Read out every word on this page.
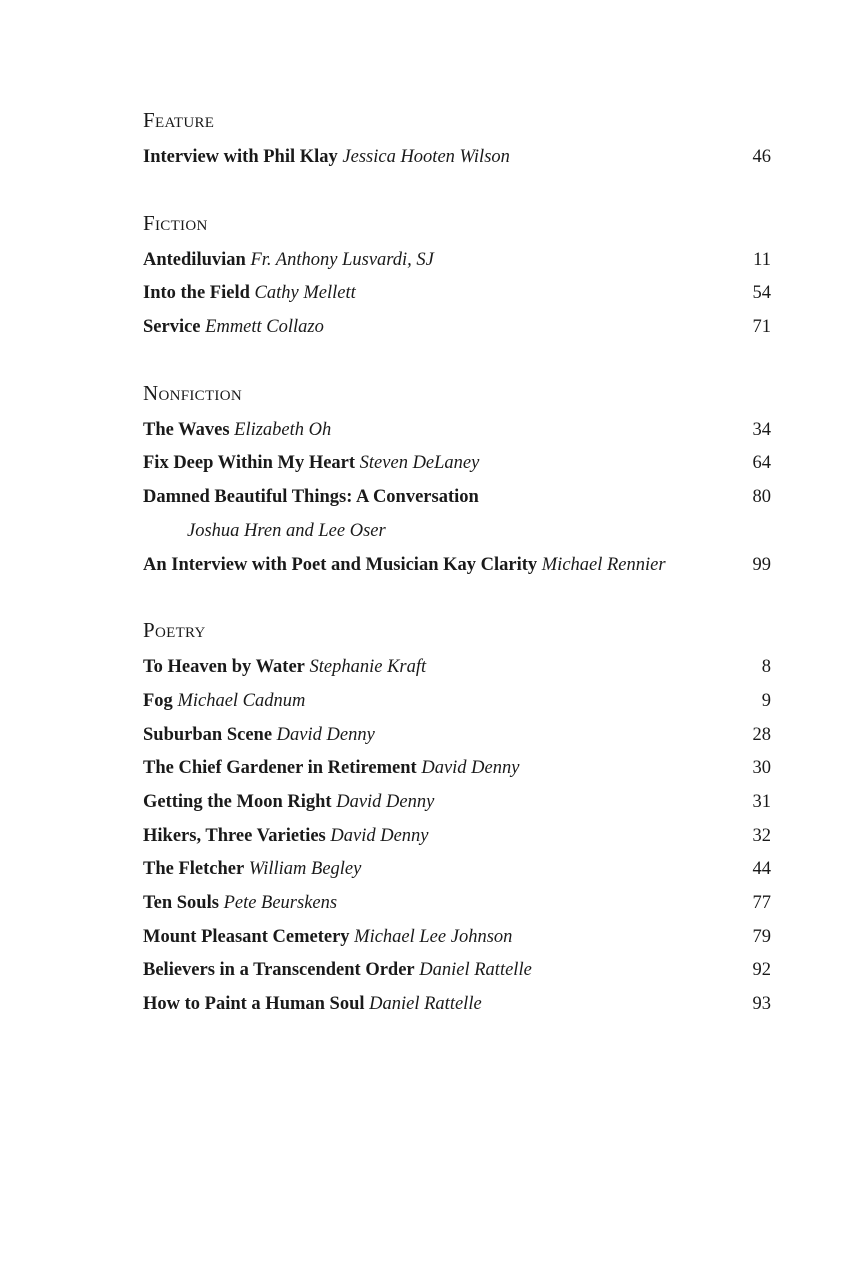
Feature
Interview with Phil Klay Jessica Hooten Wilson	46
Fiction
Antediluvian Fr. Anthony Lusvardi, SJ	11
Into the Field Cathy Mellett	54
Service Emmett Collazo	71
Nonfiction
The Waves Elizabeth Oh	34
Fix Deep Within My Heart Steven DeLaney	64
Damned Beautiful Things: A Conversation	80
Joshua Hren and Lee Oser
An Interview with Poet and Musician Kay Clarity Michael Rennier	99
Poetry
To Heaven by Water Stephanie Kraft	8
Fog Michael Cadnum	9
Suburban Scene David Denny	28
The Chief Gardener in Retirement David Denny	30
Getting the Moon Right David Denny	31
Hikers, Three Varieties David Denny	32
The Fletcher William Begley	44
Ten Souls Pete Beurskens	77
Mount Pleasant Cemetery Michael Lee Johnson	79
Believers in a Transcendent Order Daniel Rattelle	92
How to Paint a Human Soul Daniel Rattelle	93
